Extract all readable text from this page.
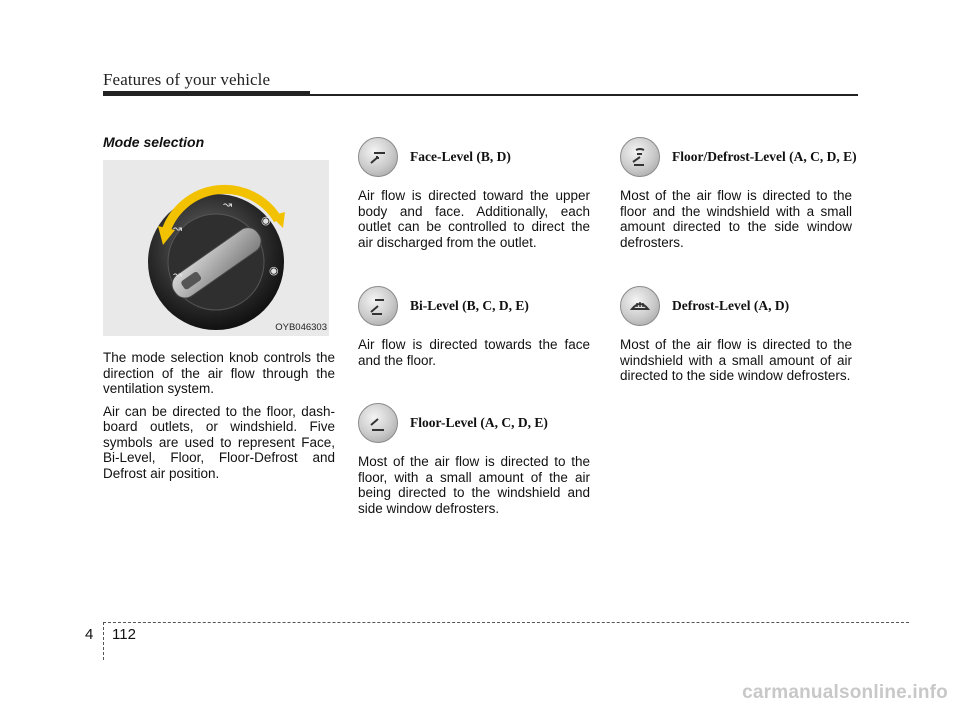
Features of your vehicle
Mode selection
↝
↝
◉
↝	◉
OYB046303

The mode selection knob controls the direction of the air flow through the ventilation system.

Air can be directed to the floor, dash- board outlets, or windshield. Five symbols are used to represent Face, Bi-Level, Floor, Floor-Defrost and Defrost air position.

Face-Level (B, D)

Air flow is directed toward the upper body and face. Additionally, each outlet can be controlled to direct the air discharged from the outlet.

Bi-Level (B, C, D, E)

Air flow is directed towards the face and the floor.

Floor-Level (A, C, D, E)

Most of the air flow is directed to the floor, with a small amount of the air being directed to the windshield and side window defrosters.

Floor/Defrost-Level (A, C, D, E)

Most of the air flow is directed to the floor and the windshield with a small amount directed to the side window defrosters.

Defrost-Level (A, D)

Most of the air flow is directed to the windshield with a small amount of air directed to the side window defrosters.

4 112
carmanualsonline.info
